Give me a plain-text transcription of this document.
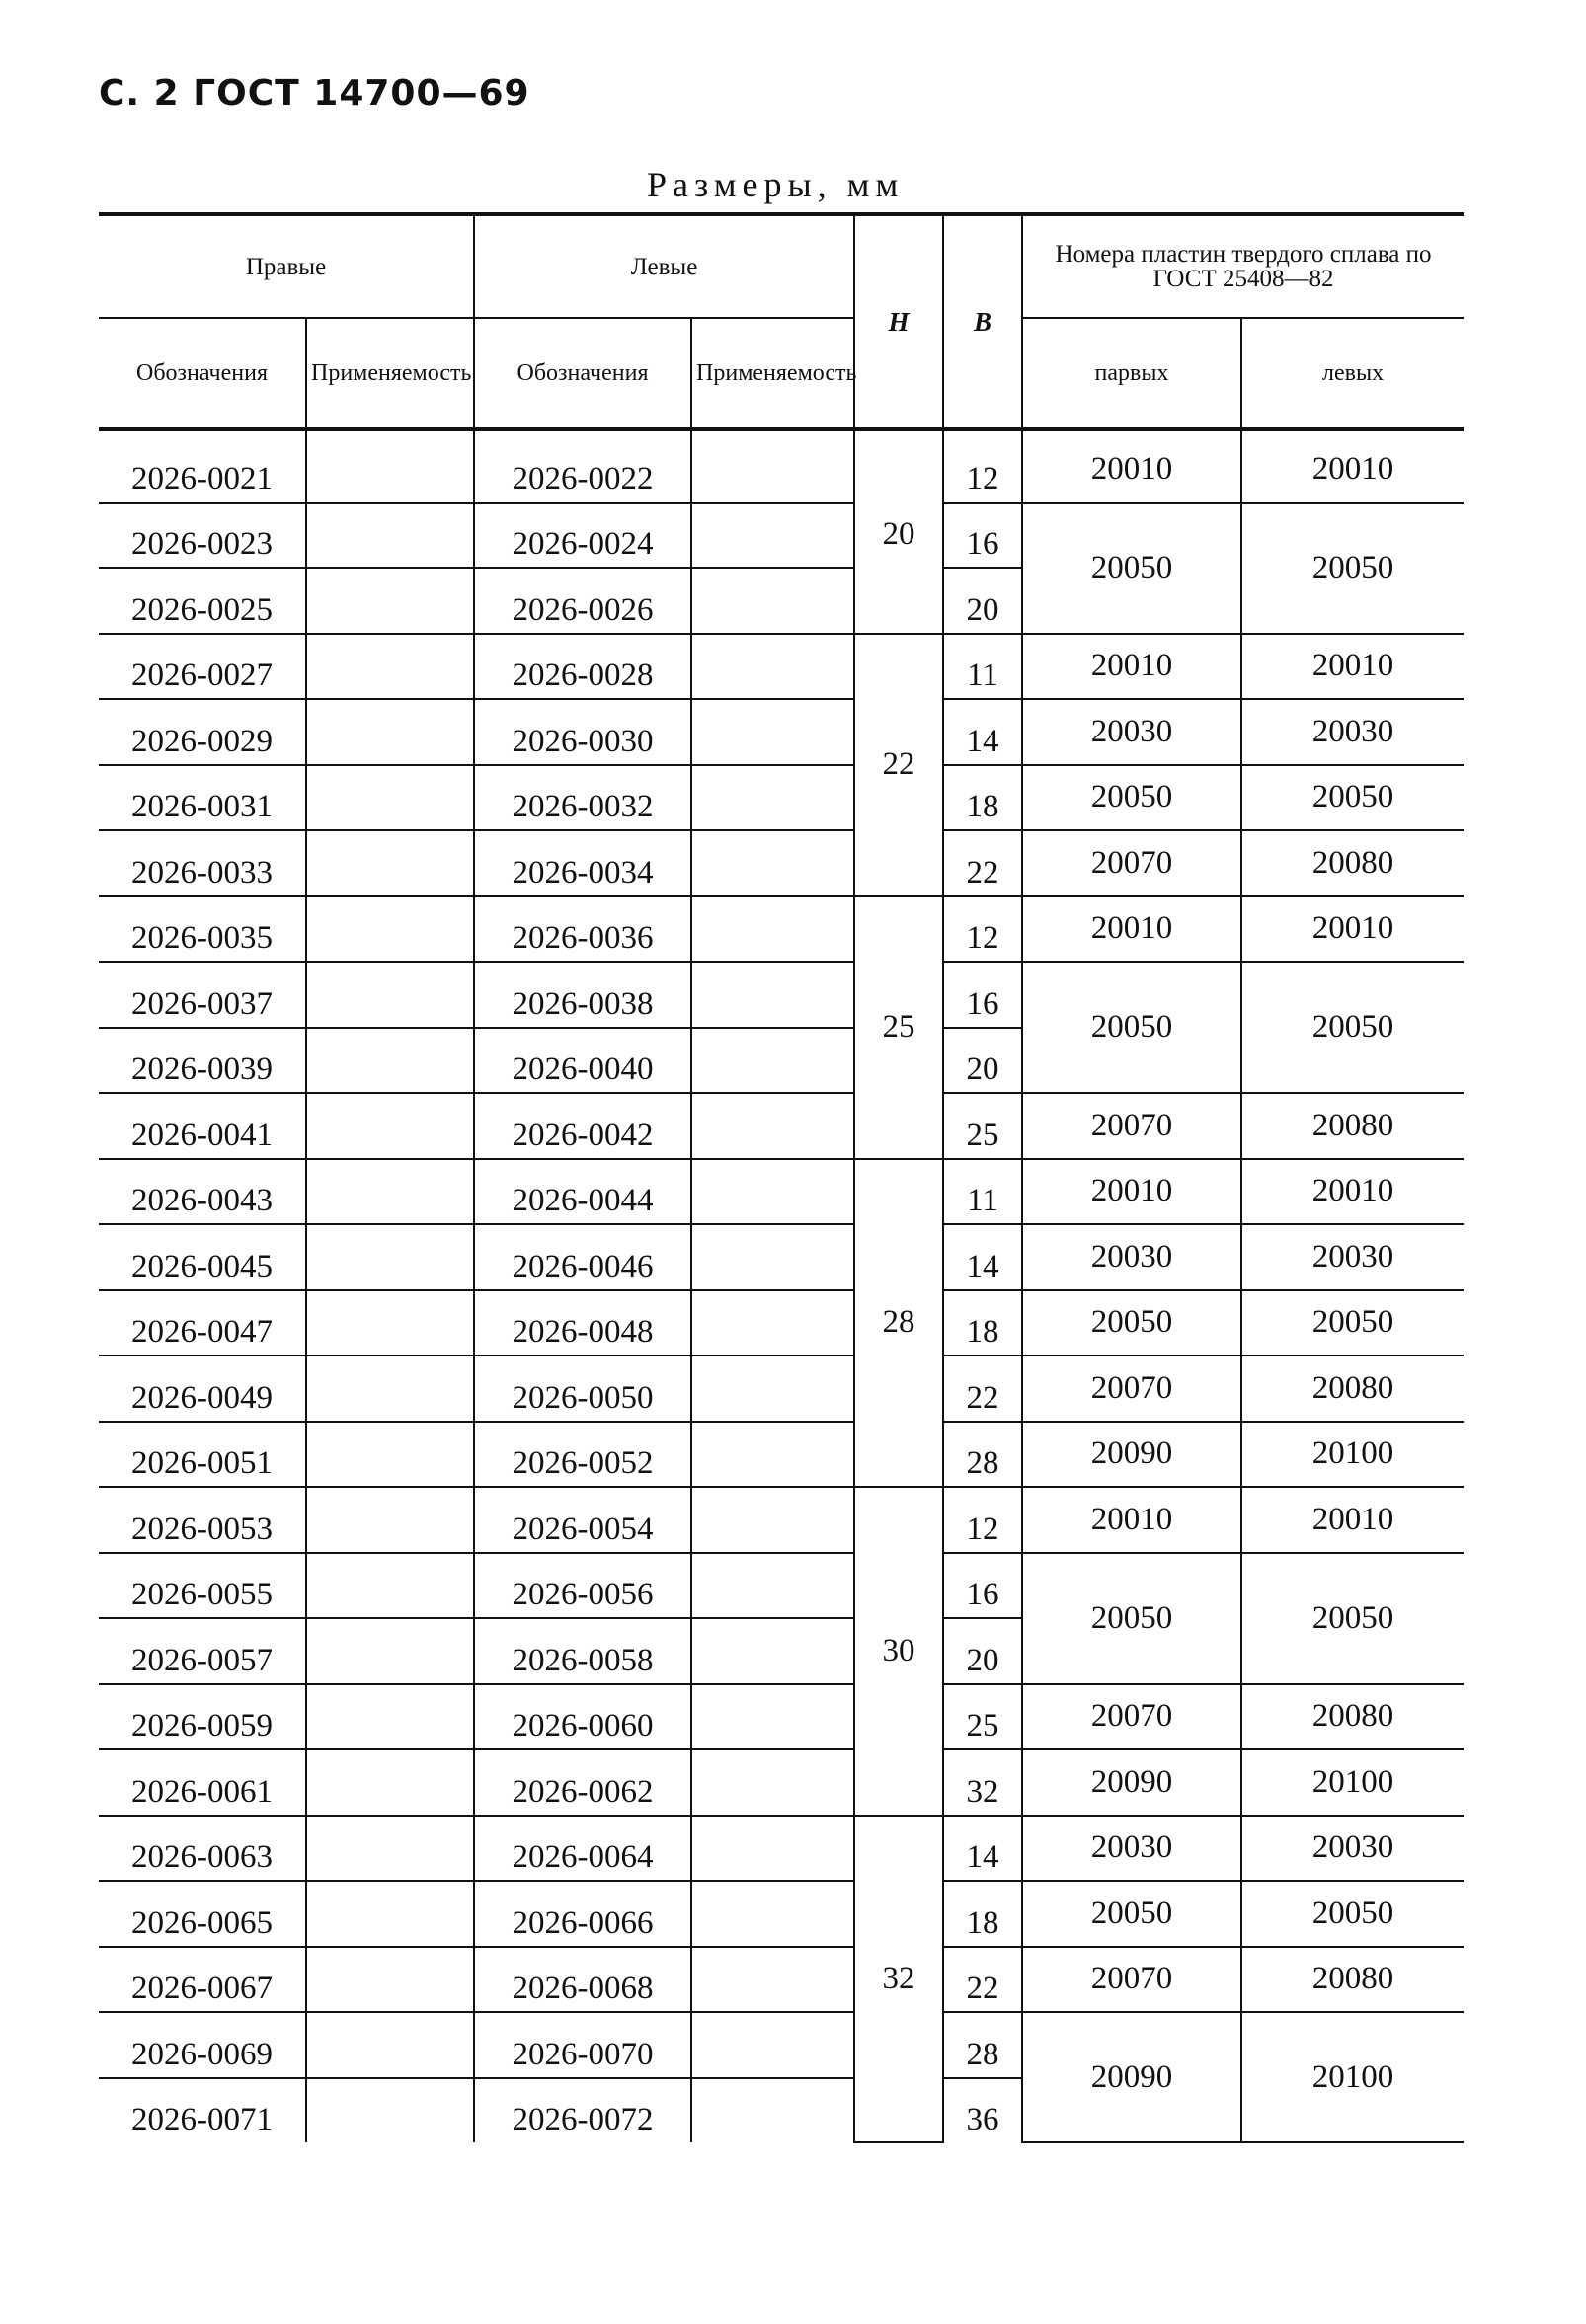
С. 2 ГОСТ 14700—69
Размеры, мм
Правые		Левые		H	B	Номера пластин твердого сплава по ГОСТ 25408—82	
Обозначения	Применяемость	Обозначения	Применяемость			парвых	левых
2026-0021		2026-0022		20	12	20010	20010
2026-0023		2026-0024			16	20050	20050
2026-0025		2026-0026			20		
2026-0027		2026-0028		22	11	20010	20010
2026-0029		2026-0030			14	20030	20030
2026-0031		2026-0032			18	20050	20050
2026-0033		2026-0034			22	20070	20080
2026-0035		2026-0036		25	12	20010	20010
2026-0037		2026-0038			16	20050	20050
2026-0039		2026-0040			20		
2026-0041		2026-0042			25	20070	20080
2026-0043		2026-0044		28	11	20010	20010
2026-0045		2026-0046			14	20030	20030
2026-0047		2026-0048			18	20050	20050
2026-0049		2026-0050			22	20070	20080
2026-0051		2026-0052			28	20090	20100
2026-0053		2026-0054		30	12	20010	20010
2026-0055		2026-0056			16	20050	20050
2026-0057		2026-0058			20		
2026-0059		2026-0060			25	20070	20080
2026-0061		2026-0062			32	20090	20100
2026-0063		2026-0064		32	14	20030	20030
2026-0065		2026-0066			18	20050	20050
2026-0067		2026-0068			22	20070	20080
2026-0069		2026-0070			28	20090	20100
2026-0071		2026-0072			36		
